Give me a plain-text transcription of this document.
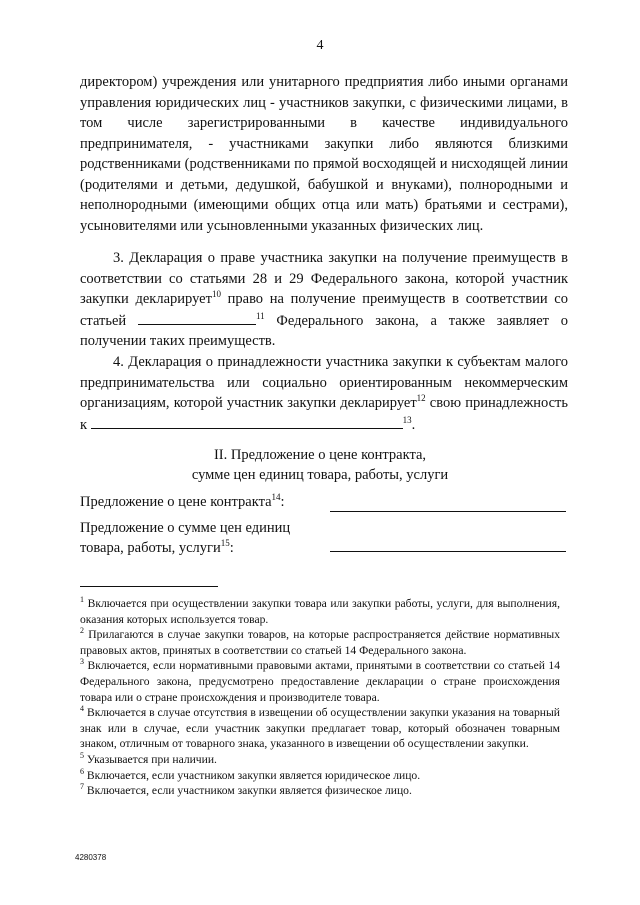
4
директором) учреждения или унитарного предприятия либо иными органами управления юридических лиц - участников закупки, с физическими лицами, в том числе зарегистрированными в качестве индивидуального предпринимателя, - участниками закупки либо являются близкими родственниками (родственниками по прямой восходящей и нисходящей линии (родителями и детьми, дедушкой, бабушкой и внуками), полнородными и неполнородными (имеющими общих отца или мать) братьями и сестрами), усыновителями или усыновленными указанных физических лиц.
3. Декларация о праве участника закупки на получение преимуществ в соответствии со статьями 28 и 29 Федерального закона, которой участник закупки декларирует$^{10}$ право на получение преимуществ в соответствии со статьей	$^{11}$ Федерального закона, а также заявляет о получении таких преимуществ.
4. Декларация о принадлежности участника закупки к субъектам малого предпринимательства или социально ориентированным некоммерческим организациям, которой участник закупки декларирует$^{12}$ свою принадлежность к	$^{13}$.
II. Предложение о цене контракта,
сумме цен единиц товара, работы, услуги
Предложение о цене контракта$^{14}$:
Предложение о сумме цен единиц
товара, работы, услуги$^{15}$:

$^1$ Включается при осуществлении закупки товара или закупки работы, услуги, для выполнения, оказания которых используется товар.

$^2$ Прилагаются в случае закупки товаров, на которые распространяется действие нормативных правовых актов, принятых в соответствии со статьей 14 Федерального закона.

$^3$ Включается, если нормативными правовыми актами, принятыми в соответствии со статьей 14 Федерального закона, предусмотрено предоставление декларации о стране происхождения товара или о стране происхождения и производителе товара.

$^4$ Включается в случае отсутствия в извещении об осуществлении закупки указания на товарный знак или в случае, если участник закупки предлагает товар, который обозначен товарным знаком, отличным от товарного знака, указанного в извещении об осуществлении закупки.

$^5$ Указывается при наличии.

$^6$ Включается, если участником закупки является юридическое лицо.

$^7$ Включается, если участником закупки является физическое лицо.

4280378
